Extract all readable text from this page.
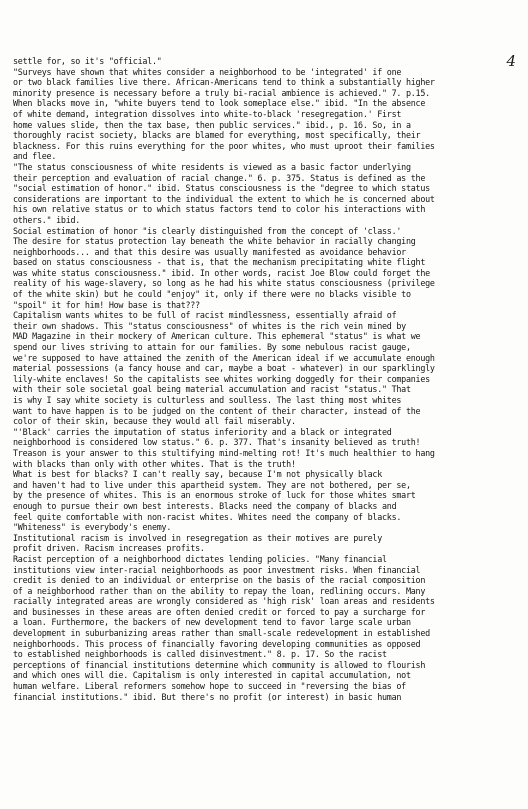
4
settle for, so it's "official."
"Surveys have shown that whites consider a neighborhood to be 'integrated' if one
or two black families live there. African-Americans tend to think a substantially higher
minority presence is necessary before a truly bi-racial ambience is achieved." 7. p.15.
When blacks move in, "white buyers tend to look someplace else." ibid. "In the absence
of white demand, integration dissolves into white-to-black 'resegregation.' First
home values slide, then the tax base, then public services." ibid., p. 16. So, in a
thoroughly racist society, blacks are blamed for everything, most specifically, their
blackness. For this ruins everything for the poor whites, who must uproot their families
and flee.
"The status consciousness of white residents is viewed as a basic factor underlying
their perception and evaluation of racial change." 6. p. 375. Status is defined as the
"social estimation of honor." ibid. Status consciousness is the "degree to which status
considerations are important to the individual the extent to which he is concerned about
his own relative status or to which status factors tend to color his interactions with
others." ibid.
Social estimation of honor "is clearly distinguished from the concept of 'class.'
The desire for status protection lay beneath the white behavior in racially changing
neighborhoods... and that this desire was usually manifested as avoidance behavior
based on status consciousness - that is, that the mechanism precipitating white flight
was white status consciousness." ibid. In other words, racist Joe Blow could forget the
reality of his wage-slavery, so long as he had his white status consciousness (privilege
of the white skin) but he could "enjoy" it, only if there were no blacks visible to
"spoil" it for him! How base is that???
Capitalism wants whites to be full of racist mindlessness, essentially afraid of
their own shadows. This "status consciousness" of whites is the rich vein mined by
MAD Magazine in their mockery of American culture. This ephemeral "status" is what we
spend our lives striving to attain for our families. By some nebulous racist gauge,
we're supposed to have attained the zenith of the American ideal if we accumulate enough
material possessions (a fancy house and car, maybe a boat - whatever) in our sparklingly
lily-white enclaves! So the capitalists see whites working doggedly for their companies
with their sole societal goal being material accumulation and racist "status." That
is why I say white society is culturless and soulless. The last thing most whites
want to have happen is to be judged on the content of their character, instead of the
color of their skin, because they would all fail miserably.
"'Black' carries the imputation of status inferiority and a black or integrated
neighborhood is considered low status." 6. p. 377. That's insanity believed as truth!
Treason is your answer to this stultifying mind-melting rot! It's much healthier to hang
with blacks than only with other whites. That is the truth!
What is best for blacks? I can't really say, because I'm not physically black
and haven't had to live under this apartheid system. They are not bothered, per se,
by the presence of whites. This is an enormous stroke of luck for those whites smart
enough to pursue their own best interests. Blacks need the company of blacks and
feel quite comfortable with non-racist whites. Whites need the company of blacks.
"Whiteness" is everybody's enemy.
Institutional racism is involved in resegregation as their motives are purely
profit driven. Racism increases profits.
Racist perception of a neighborhood dictates lending policies. "Many financial
institutions view inter-racial neighborhoods as poor investment risks. When financial
credit is denied to an individual or enterprise on the basis of the racial composition
of a neighborhood rather than on the ability to repay the loan, redlining occurs. Many
racially integrated areas are wrongly considered as 'high risk' loan areas and residents
and businesses in these areas are often denied credit or forced to pay a surcharge for
a loan. Furthermore, the backers of new development tend to favor large scale urban
development in suburbanizing areas rather than small-scale redevelopment in established
neighborhoods. This process of financially favoring developing communities as opposed
to established neighborhoods is called disinvestment." 8. p. 17. So the racist
perceptions of financial institutions determine which community is allowed to flourish
and which ones will die. Capitalism is only interested in capital accumulation, not
human welfare. Liberal reformers somehow hope to succeed in "reversing the bias of
financial institutions." ibid. But there's no profit (or interest) in basic human
